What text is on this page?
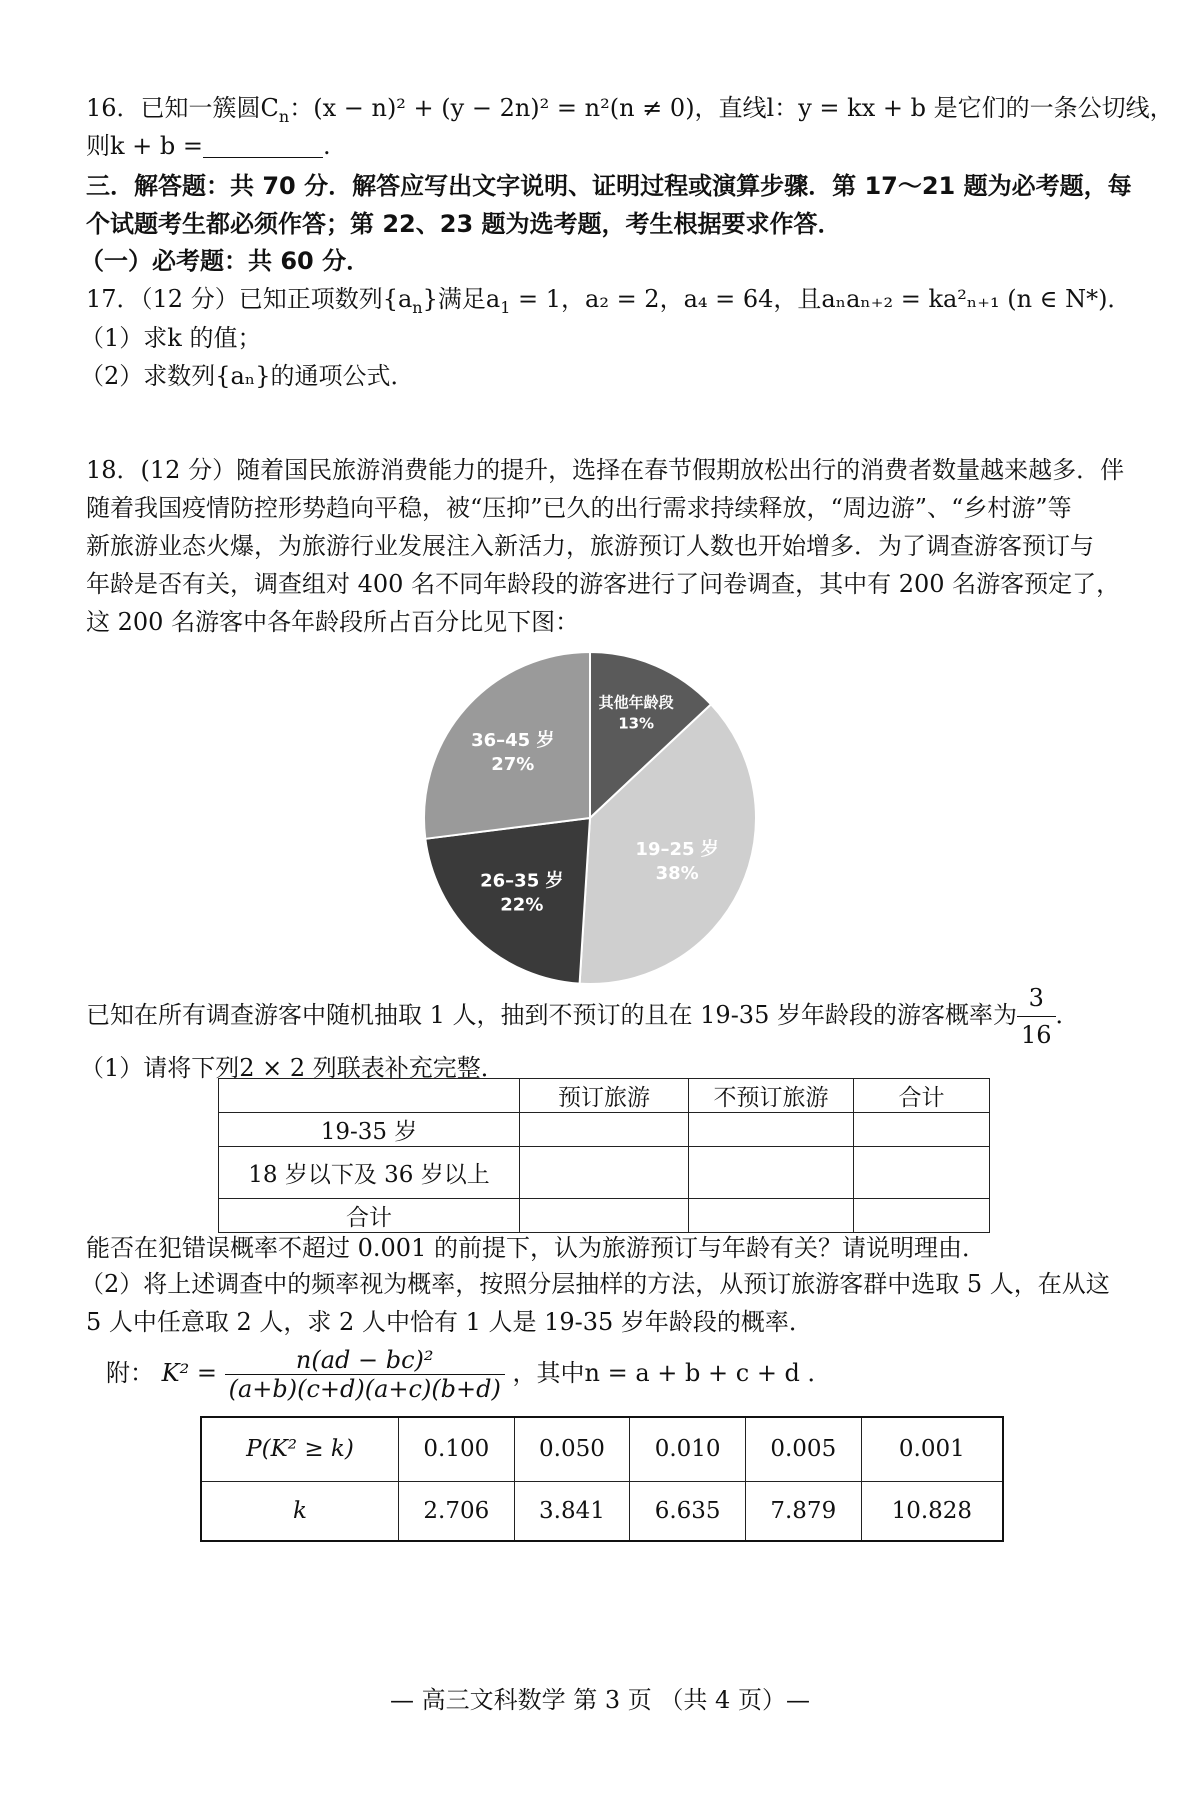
16．已知一簇圆$C_n$：(x − n)² + (y − 2n)² = n²(n ≠ 0)，直线l：y = kx + b 是它们的一条公切线，
则k + b =	.
三．解答题：共 70 分．解答应写出文字说明、证明过程或演算步骤．第 17～21 题为必考题，每
个试题考生都必须作答；第 22、23 题为选考题，考生根据要求作答．
（一）必考题：共 60 分．
17．（12 分）已知正项数列$\{a_n\}$满足$a_1 = 1$，a₂ = 2，a₄ = 64，且aₙaₙ₊₂ = ka²ₙ₊₁ (n ∈ N*)．
（1）求k 的值；
（2）求数列{aₙ}的通项公式．
18．(12 分）随着国民旅游消费能力的提升，选择在春节假期放松出行的消费者数量越来越多．伴
随着我国疫情防控形势趋向平稳，被“压抑”已久的出行需求持续释放，“周边游”、“乡村游”等
新旅游业态火爆，为旅游行业发展注入新活力，旅游预订人数也开始增多．为了调查游客预订与
年龄是否有关，调查组对 400 名不同年龄段的游客进行了问卷调查，其中有 200 名游客预定了，
这 200 名游客中各年龄段所占百分比见下图：
其他年龄段
13%
19–25 岁
38%
26–35 岁
22%
36–45 岁
27%
已知在所有调查游客中随机抽取 1 人，抽到不预订的且在 19-35 岁年龄段的游客概率为 $\frac{3}{16}$ ．
（1）请将下列2 × 2 列联表补充完整．
	预订旅游	不预订旅游	合计
19-35 岁			
18 岁以下及 36 岁以上			
合计			
能否在犯错误概率不超过 0.001 的前提下，认为旅游预订与年龄有关？请说明理由．
（2）将上述调查中的频率视为概率，按照分层抽样的方法，从预订旅游客群中选取 5 人，在从这
5 人中任意取 2 人，求 2 人中恰有 1 人是 19-35 岁年龄段的概率．
附： $K^2 = \frac{\text{n(ad − bc)²}}{(a+b)(c+d)(a+c)(b+d)}$ ，其中n = a + b + c + d ．
P(K² ≥ k)	0.100	0.050	0.010	0.005	0.001
k	2.706	3.841	6.635	7.879	10.828
— 高三文科数学 第 3 页 （共 4 页）—
